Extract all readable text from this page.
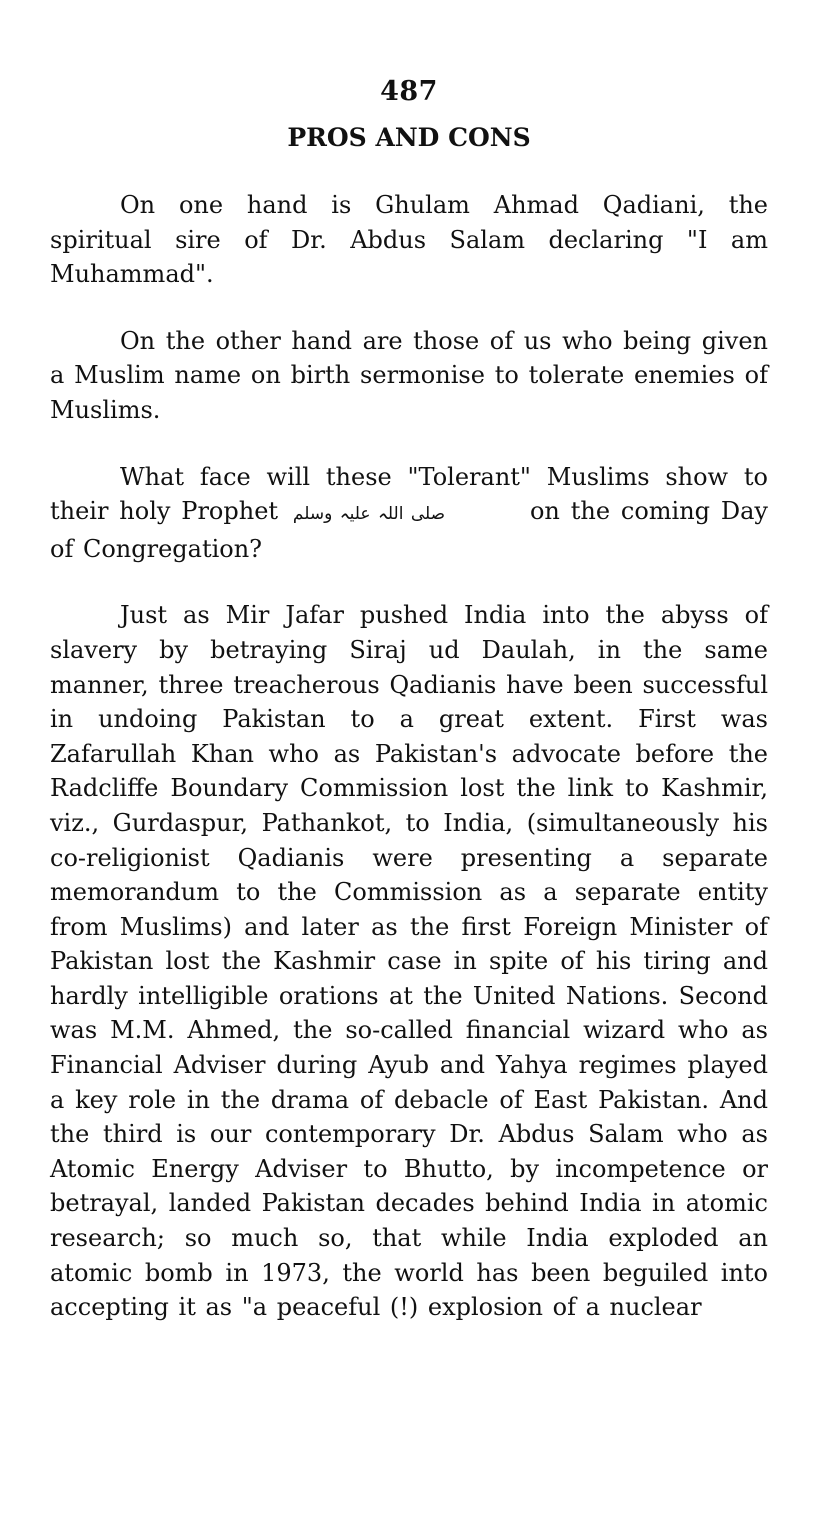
487
PROS AND CONS

On one hand is Ghulam Ahmad Qadiani, the spiritual sire of Dr. Abdus Salam declaring "I am Muhammad".

On the other hand are those of us who being given a Muslim name on birth sermonise to tolerate enemies of Muslims.

What face will these "Tolerant" Muslims show to their holy Prophet صلی اللہ علیہ وسلم	on the coming Day of Congregation?

Just as Mir Jafar pushed India into the abyss of slavery by betraying Siraj ud Daulah, in the same manner, three treacherous Qadianis have been successful in undoing Pakistan to a great extent. First was Zafarullah Khan who as Pakistan's advocate before the Radcliffe Boundary Commission lost the link to Kashmir, viz., Gurdaspur, Pathankot, to India, (simultaneously his co-religionist Qadianis were presenting a separate memorandum to the Commission as a separate entity from Muslims) and later as the first Foreign Minister of Pakistan lost the Kashmir case in spite of his tiring and hardly intelligible orations at the United Nations. Second was M.M. Ahmed, the so-called financial wizard who as Financial Adviser during Ayub and Yahya regimes played a key role in the drama of debacle of East Pakistan. And the third is our contemporary Dr. Abdus Salam who as Atomic Energy Adviser to Bhutto, by incompetence or betrayal, landed Pakistan decades behind India in atomic research; so much so, that while India exploded an atomic bomb in 1973, the world has been beguiled into accepting it as "a peaceful (!) explosion of a nuclear
